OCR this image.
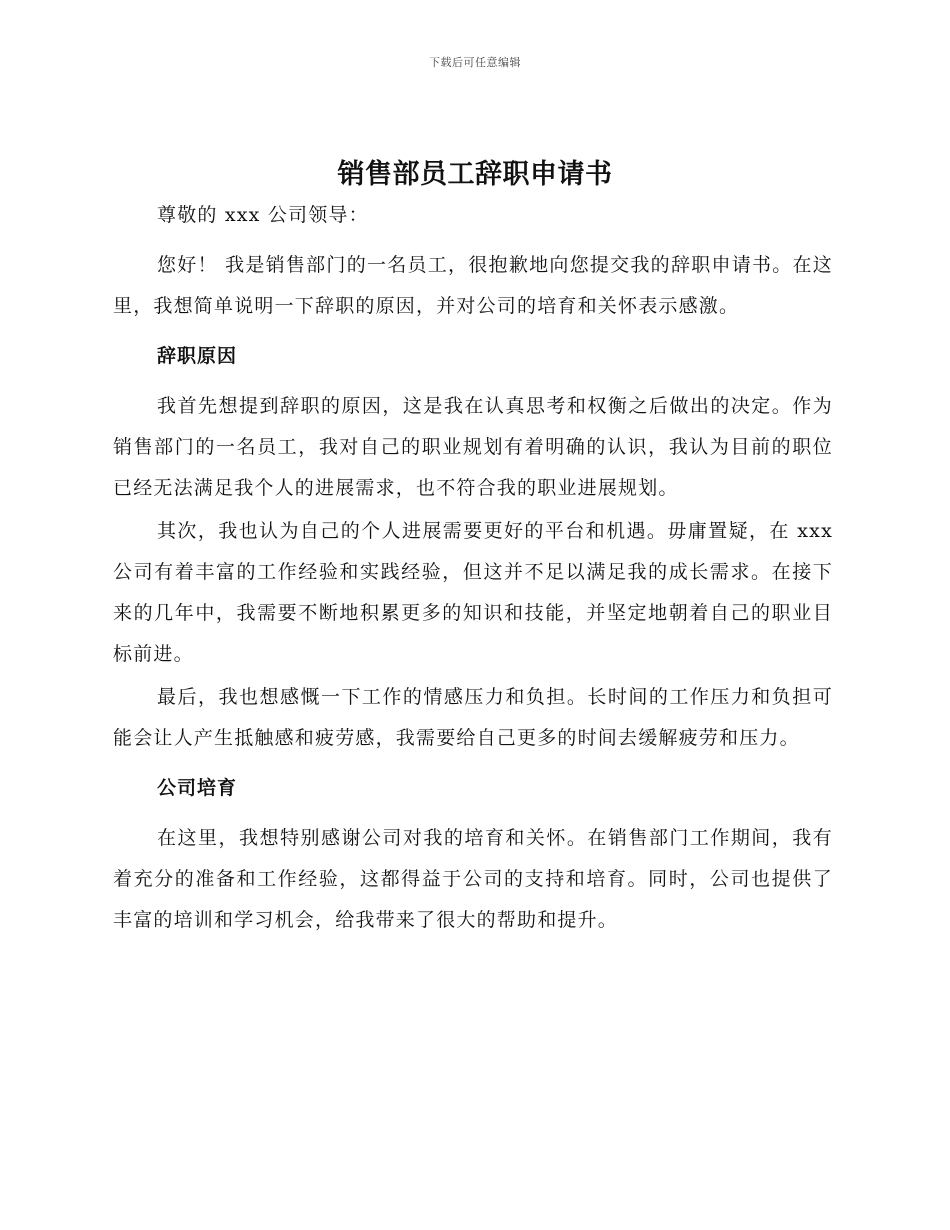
下载后可任意编辑
销售部员工辞职申请书

尊敬的 xxx 公司领导：

您好！ 我是销售部门的一名员工，很抱歉地向您提交我的辞职申请书。在这里，我想简单说明一下辞职的原因，并对公司的培育和关怀表示感激。

辞职原因

我首先想提到辞职的原因，这是我在认真思考和权衡之后做出的决定。作为销售部门的一名员工，我对自己的职业规划有着明确的认识，我认为目前的职位已经无法满足我个人的进展需求，也不符合我的职业进展规划。

其次，我也认为自己的个人进展需要更好的平台和机遇。毋庸置疑，在 xxx 公司有着丰富的工作经验和实践经验，但这并不足以满足我的成长需求。在接下来的几年中，我需要不断地积累更多的知识和技能，并坚定地朝着自己的职业目标前进。

最后，我也想感慨一下工作的情感压力和负担。长时间的工作压力和负担可能会让人产生抵触感和疲劳感，我需要给自己更多的时间去缓解疲劳和压力。

公司培育

在这里，我想特别感谢公司对我的培育和关怀。在销售部门工作期间，我有着充分的准备和工作经验，这都得益于公司的支持和培育。同时，公司也提供了丰富的培训和学习机会，给我带来了很大的帮助和提升。
